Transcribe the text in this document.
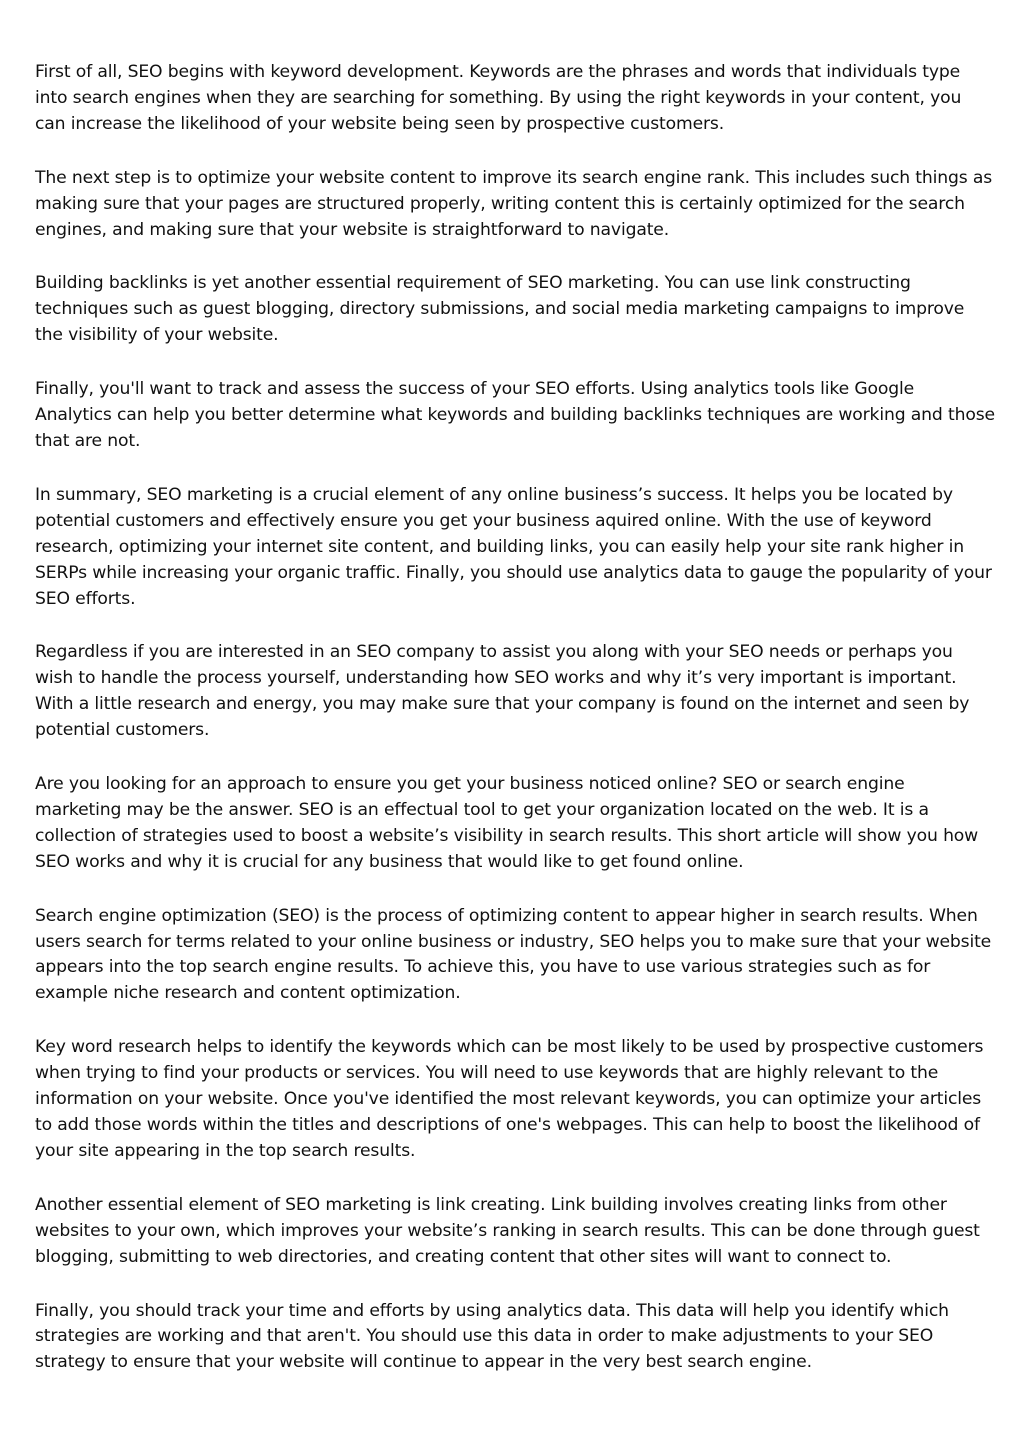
First of all, SEO begins with keyword development. Keywords are the phrases and words that individuals type into search engines when they are searching for something. By using the right keywords in your content, you can increase the likelihood of your website being seen by prospective customers.

The next step is to optimize your website content to improve its search engine rank. This includes such things as making sure that your pages are structured properly, writing content this is certainly optimized for the search engines, and making sure that your website is straightforward to navigate.

Building backlinks is yet another essential requirement of SEO marketing. You can use link constructing techniques such as guest blogging, directory submissions, and social media marketing campaigns to improve the visibility of your website.

Finally, you'll want to track and assess the success of your SEO efforts. Using analytics tools like Google Analytics can help you better determine what keywords and building backlinks techniques are working and those that are not.

In summary, SEO marketing is a crucial element of any online business’s success. It helps you be located by potential customers and effectively ensure you get your business aquired online. With the use of keyword research, optimizing your internet site content, and building links, you can easily help your site rank higher in SERPs while increasing your organic traffic. Finally, you should use analytics data to gauge the popularity of your SEO efforts.

Regardless if you are interested in an SEO company to assist you along with your SEO needs or perhaps you wish to handle the process yourself, understanding how SEO works and why it’s very important is important. With a little research and energy, you may make sure that your company is found on the internet and seen by potential customers.

Are you looking for an approach to ensure you get your business noticed online? SEO or search engine marketing may be the answer. SEO is an effectual tool to get your organization located on the web. It is a collection of strategies used to boost a website’s visibility in search results. This short article will show you how SEO works and why it is crucial for any business that would like to get found online.

Search engine optimization (SEO) is the process of optimizing content to appear higher in search results. When users search for terms related to your online business or industry, SEO helps you to make sure that your website appears into the top search engine results. To achieve this, you have to use various strategies such as for example niche research and content optimization.

Key word research helps to identify the keywords which can be most likely to be used by prospective customers when trying to find your products or services. You will need to use keywords that are highly relevant to the information on your website. Once you've identified the most relevant keywords, you can optimize your articles to add those words within the titles and descriptions of one's webpages. This can help to boost the likelihood of your site appearing in the top search results.

Another essential element of SEO marketing is link creating. Link building involves creating links from other websites to your own, which improves your website’s ranking in search results. This can be done through guest blogging, submitting to web directories, and creating content that other sites will want to connect to.

Finally, you should track your time and efforts by using analytics data. This data will help you identify which strategies are working and that aren't. You should use this data in order to make adjustments to your SEO strategy to ensure that your website will continue to appear in the very best search engine.
